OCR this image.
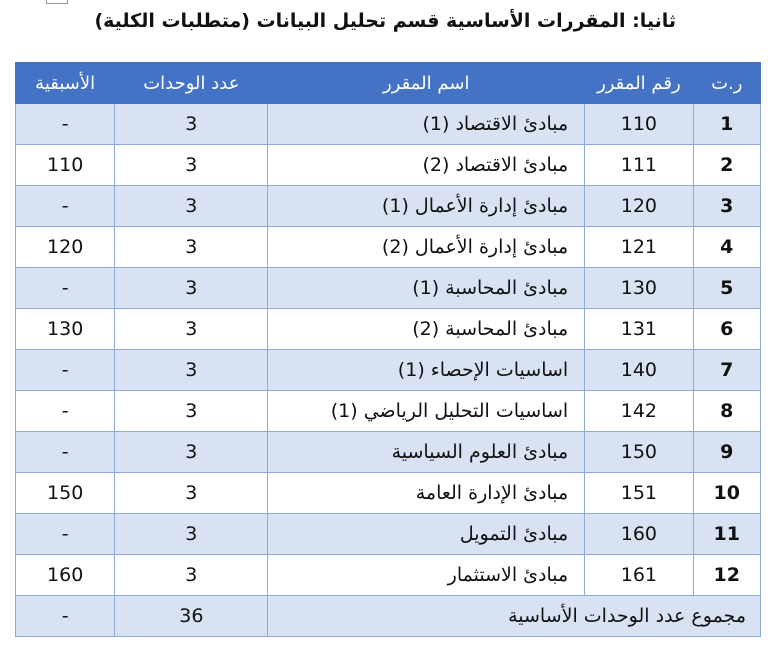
ثانيا: المقررات الأساسية قسم تحليل البيانات (متطلبات الكلية)
ر.ت	رقم المقرر	اسم المقرر	عدد الوحدات	الأسبقية
1	110	مبادئ الاقتصاد (1)	3	-
2	111	مبادئ الاقتصاد (2)	3	110
3	120	مبادئ إدارة الأعمال (1)	3	-
4	121	مبادئ إدارة الأعمال (2)	3	120
5	130	مبادئ المحاسبة (1)	3	-
6	131	مبادئ المحاسبة (2)	3	130
7	140	اساسيات الإحصاء (1)	3	-
8	142	اساسيات التحليل الرياضي (1)	3	-
9	150	مبادئ العلوم السياسية	3	-
10	151	مبادئ الإدارة العامة	3	150
11	160	مبادئ التمويل	3	-
12	161	مبادئ الاستثمار	3	160
مجموع عدد الوحدات الأساسية			36	-
